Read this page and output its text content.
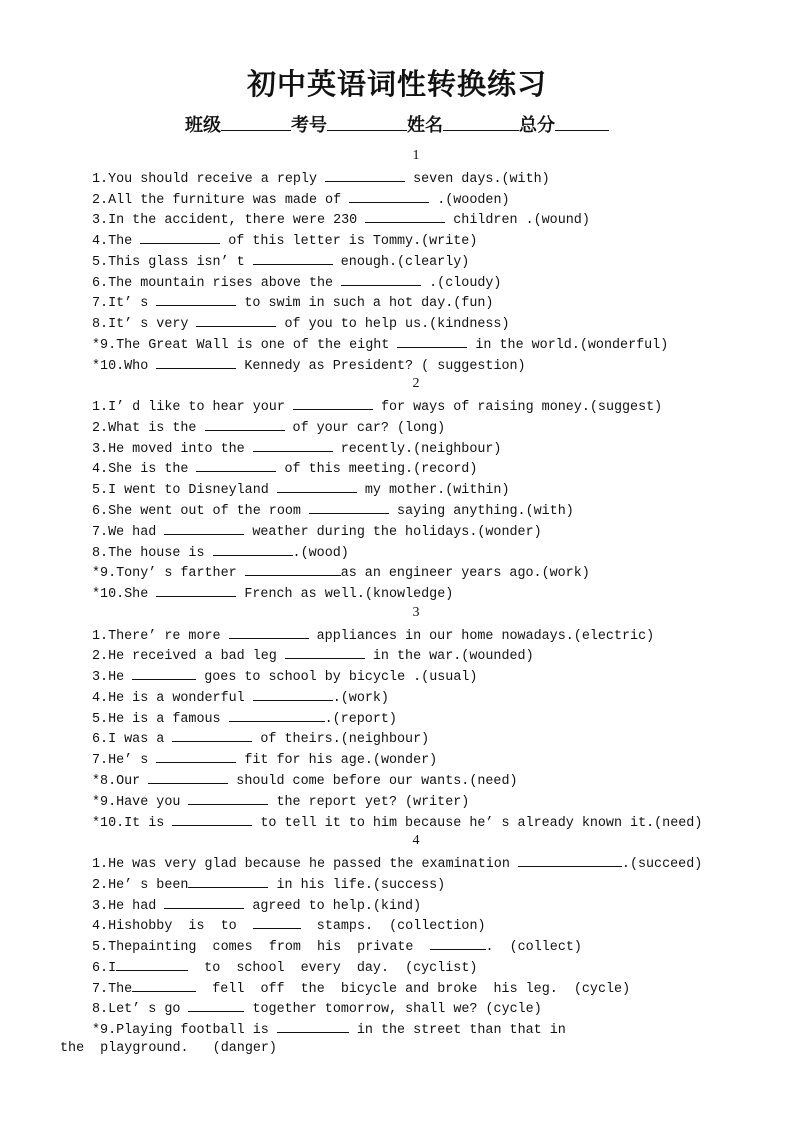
初中英语词性转换练习
班级	考号	姓名	总分
1
1.You should receive a reply	seven days.(with)
2.All the furniture was made of	.(wooden)
3.In the accident, there were 230	children .(wound)
4.The	of this letter is Tommy.(write)
5.This glass isn’ t	enough.(clearly)
6.The mountain rises above the	.(cloudy)
7.It’ s	to swim in such a hot day.(fun)
8.It’ s very	of you to help us.(kindness)
*9.The Great Wall is one of the eight	in the world.(wonderful)
*10.Who	Kennedy as President? ( suggestion)
2
1.I’ d like to hear your	for ways of raising money.(suggest)
2.What is the	of your car? (long)
3.He moved into the	recently.(neighbour)
4.She is the	of this meeting.(record)
5.I went to Disneyland	my mother.(within)
6.She went out of the room	saying anything.(with)
7.We had	weather during the holidays.(wonder)
8.The house is	.(wood)
*9.Tony’ s farther	as an engineer years ago.(work)
*10.She	French as well.(knowledge)
3
1.There’ re more	appliances in our home nowadays.(electric)
2.He received a bad leg	in the war.(wounded)
3.He	goes to school by bicycle .(usual)
4.He is a wonderful	.(work)
5.He is a famous	.(report)
6.I was a	of theirs.(neighbour)
7.He’ s	fit for his age.(wonder)
*8.Our	should come before our wants.(need)
*9.Have you	the report yet? (writer)
*10.It is	to tell it to him because he’ s already known it.(need)
4
1.He was very glad because he passed the examination	.(succeed)
2.He’ s been	in his life.(success)
3.He had	agreed to help.(kind)
4.Hishobby  is  to	stamps.  (collection)
5.Thepainting  comes  from  his  private	.  (collect)
6.I	to  school  every  day.  (cyclist)
7.The	fell  off  the  bicycle and broke  his leg.  (cycle)
8.Let’ s go	together tomorrow, shall we? (cycle)
*9.Playing football is	in the street than that in
the  playground.   (danger)
